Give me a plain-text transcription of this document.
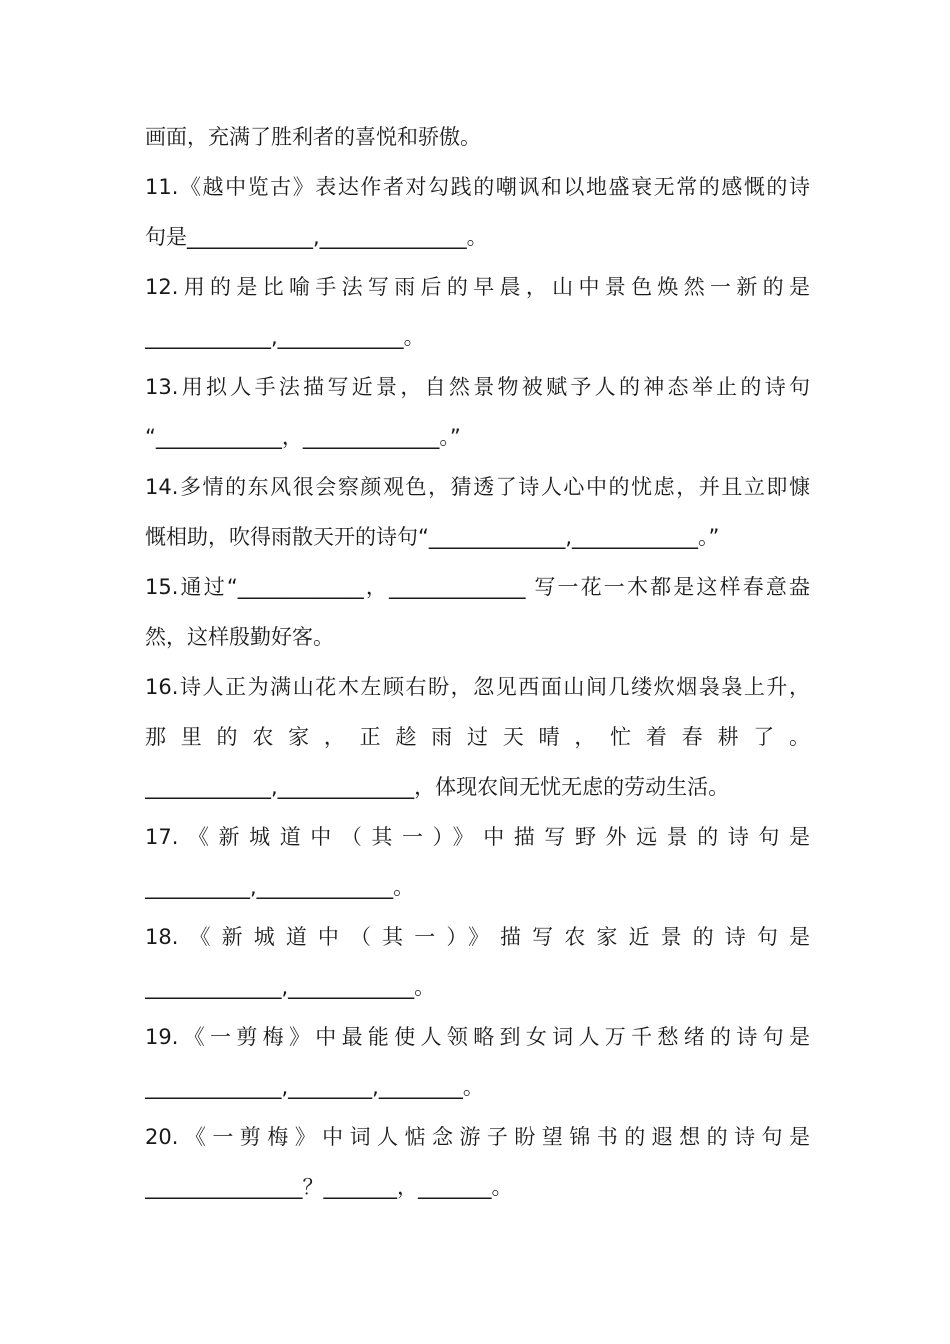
画面，充满了胜利者的喜悦和骄傲。
11.《越中览古》表达作者对勾践的嘲讽和以地盛衰无常的感慨的诗
句是____________,______________。
12.用的是比喻手法写雨后的早晨，山中景色焕然一新的是
____________,____________。
13.用拟人手法描写近景，自然景物被赋予人的神态举止的诗句
“____________，_____________。”
14.多情的东风很会察颜观色，猜透了诗人心中的忧虑，并且立即慷
慨相助，吹得雨散天开的诗句“_____________,____________。”
15.通过“____________，_____________ 写一花一木都是这样春意盎
然，这样殷勤好客。
16.诗人正为满山花木左顾右盼，忽见西面山间几缕炊烟袅袅上升，
那里的农家，正趁雨过天晴，忙着春耕了。
____________,_____________，体现农间无忧无虑的劳动生活。
17.《新城道中（其一）》中描写野外远景的诗句是
__________,_____________。
18.《新城道中（其一）》描写农家近景的诗句是
_____________,____________。
19.《一剪梅》中最能使人领略到女词人万千愁绪的诗句是
_____________,________,________。
20.《一剪梅》中词人惦念游子盼望锦书的遐想的诗句是
_______________？_______，_______。
